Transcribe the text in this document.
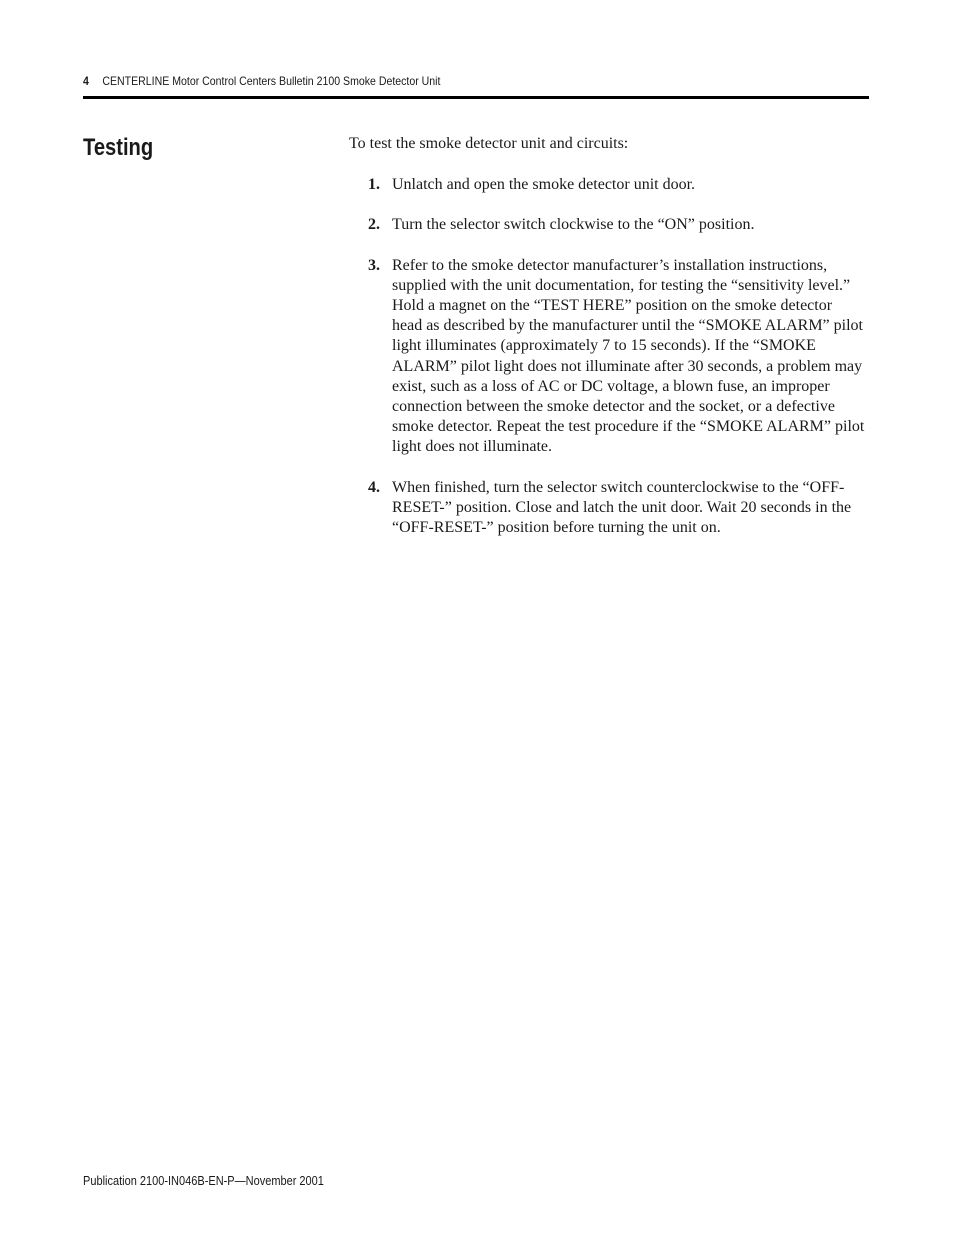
4 CENTERLINE Motor Control Centers Bulletin 2100 Smoke Detector Unit
Testing	To test the smoke detector unit and circuits:

1. Unlatch and open the smoke detector unit door.
2. Turn the selector switch clockwise to the “ON” position.
3. Refer to the smoke detector manufacturer’s installation instructions, supplied with the unit documentation, for testing the “sensitivity level.” Hold a magnet on the “TEST HERE” position on the smoke detector head as described by the manufacturer until the “SMOKE ALARM” pilot light illuminates (approximately 7 to 15 seconds). If the “SMOKE ALARM” pilot light does not illuminate after 30 seconds, a problem may exist, such as a loss of AC or DC voltage, a blown fuse, an improper connection between the smoke detector and the socket, or a defective smoke detector. Repeat the test procedure if the “SMOKE ALARM” pilot light does not illuminate.
4. When finished, turn the selector switch counterclockwise to the “OFF-RESET-” position. Close and latch the unit door. Wait 20 seconds in the “OFF-RESET-” position before turning the unit on.
Publication 2100-IN046B-EN-P—November 2001
